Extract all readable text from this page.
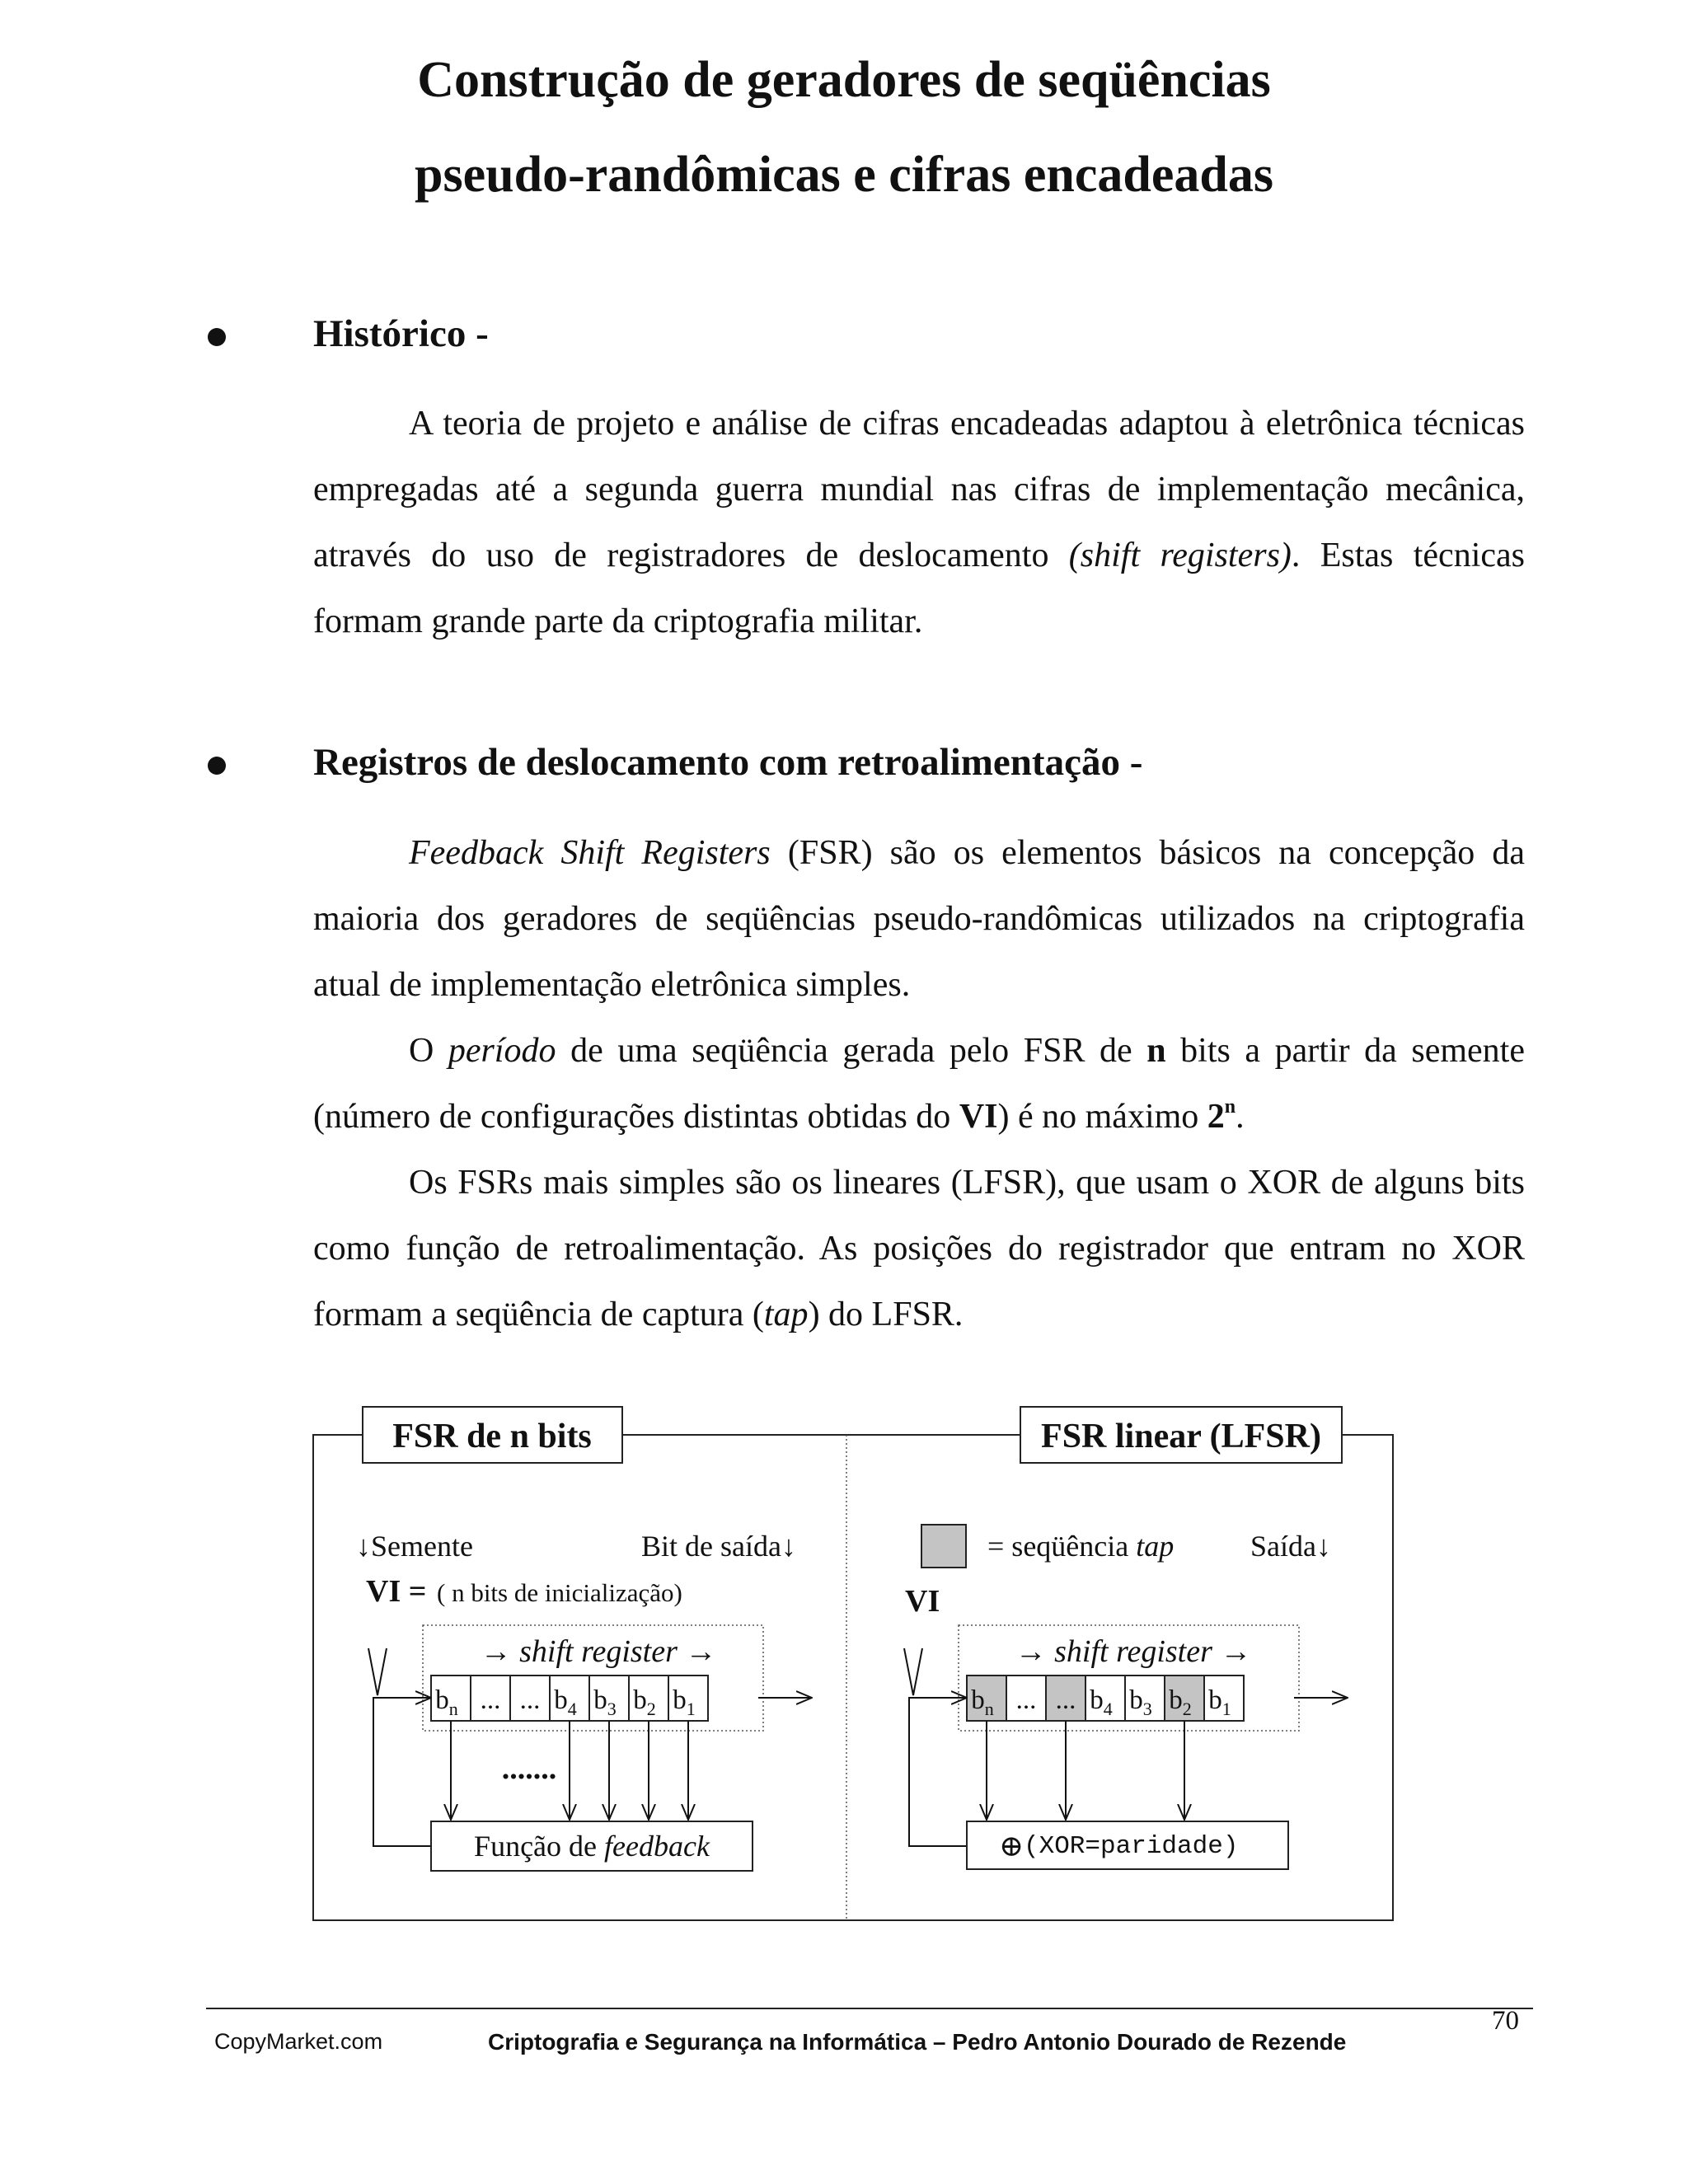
Construção de geradores de seqüências
pseudo-randômicas e cifras encadeadas
Histórico -

A teoria de projeto e análise de cifras encadeadas adaptou à eletrônica técnicas empregadas até a segunda guerra mundial nas cifras de implementação mecânica, através do uso de registradores de deslocamento (shift registers). Estas técnicas formam grande parte da criptografia militar.

Registros de deslocamento com retroalimentação -

Feedback Shift Registers (FSR) são os elementos básicos na concepção da maioria dos geradores de seqüências pseudo-randômicas utilizados na criptografia atual de implementação eletrônica simples.

O período de uma seqüência gerada pelo FSR de n bits a partir da semente (número de configurações distintas obtidas do VI) é no máximo 2$^n$.

Os FSRs mais simples são os lineares (LFSR), que usam o XOR de alguns bits como função de retroalimentação. As posições do registrador que entram no XOR formam a seqüência de captura (tap) do LFSR.

FSR de n bits	FSR linear (LFSR)
↓Semente	Bit de saída↓
VI = ( n bits de inicialização)
→ shift register →
$b_n$ ... ... $b_4$ $b_3$ $b_2$ $b_1$
.......
Função de feedback
= seqüência tap	Saída↓
VI
→ shift register →
$b_n$ ... ... $b_4$ $b_3$ $b_2$ $b_1$
⊕ (XOR=paridade)
70
CopyMarket.com	Criptografia e Segurança na Informática – Pedro Antonio Dourado de Rezende
